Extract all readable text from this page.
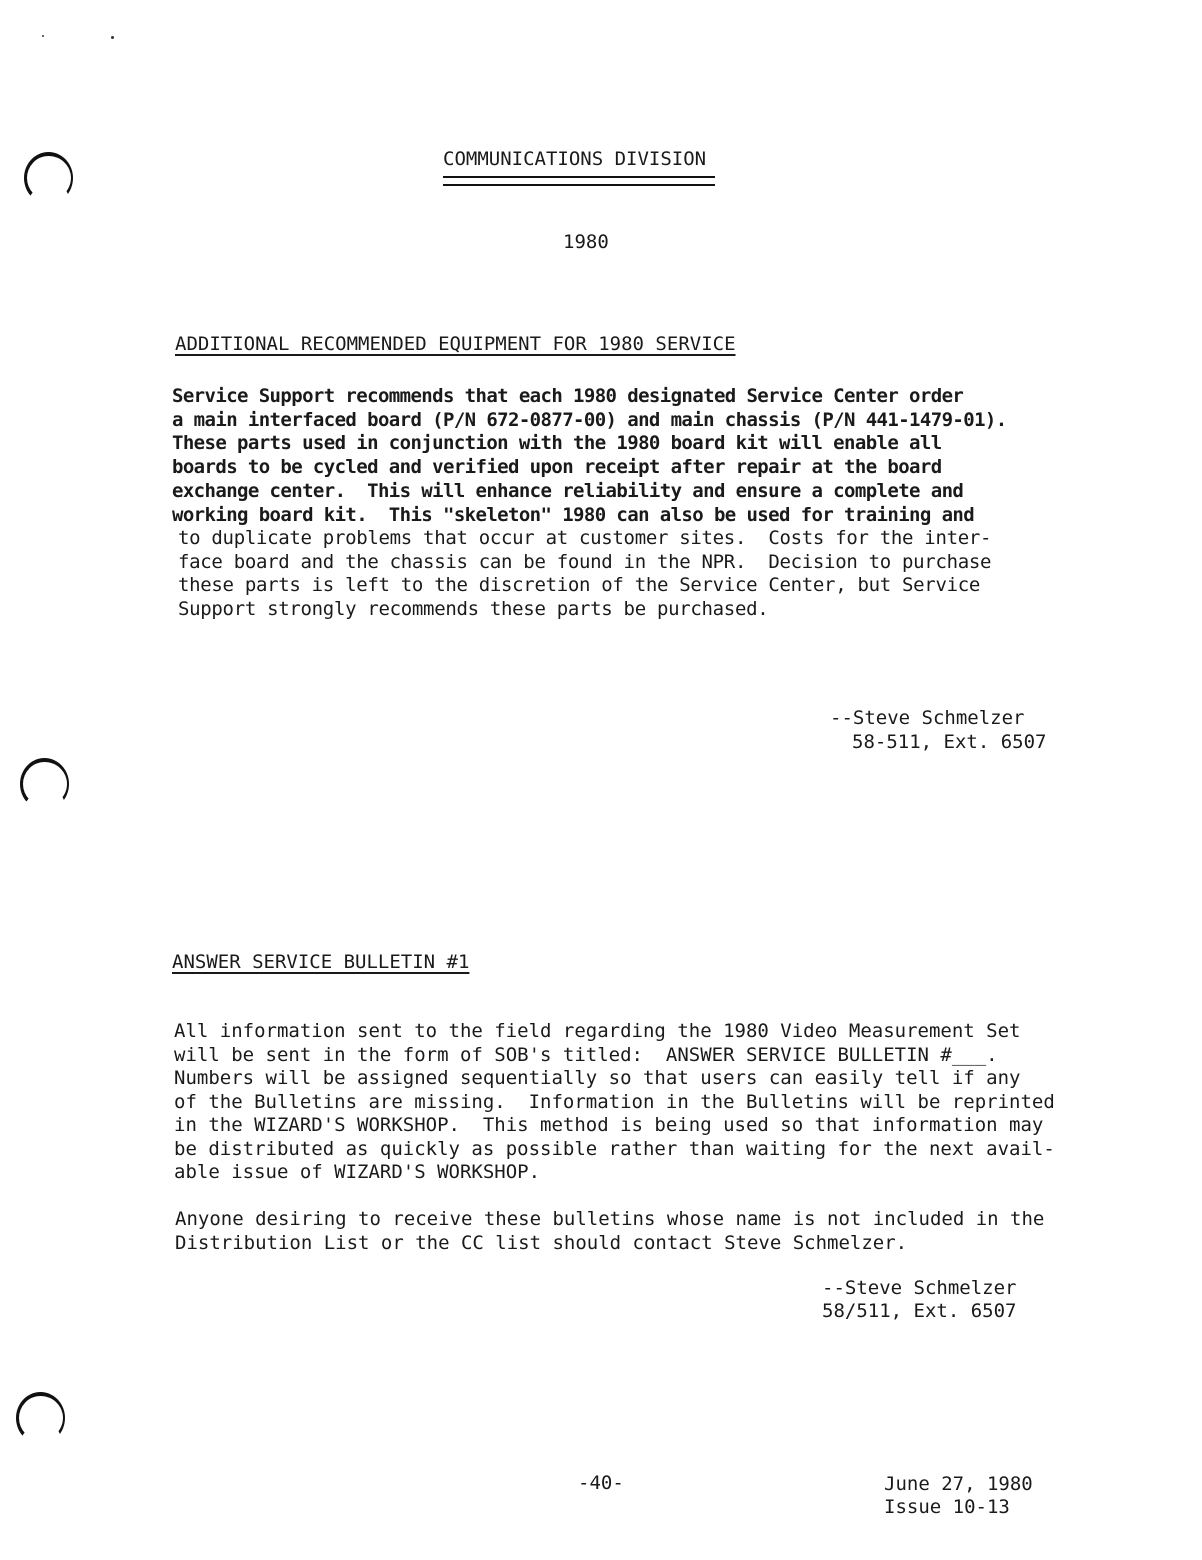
COMMUNICATIONS DIVISION
1980
ADDITIONAL RECOMMENDED EQUIPMENT FOR 1980 SERVICE
Service Support recommends that each 1980 designated Service Center order
a main interfaced board (P/N 672-0877-00) and main chassis (P/N 441-1479-01).
These parts used in conjunction with the 1980 board kit will enable all
boards to be cycled and verified upon receipt after repair at the board
exchange center.  This will enhance reliability and ensure a complete and
working board kit.  This "skeleton" 1980 can also be used for training and
to duplicate problems that occur at customer sites.  Costs for the inter-
face board and the chassis can be found in the NPR.  Decision to purchase
these parts is left to the discretion of the Service Center, but Service
Support strongly recommends these parts be purchased.
--Steve Schmelzer
58-511, Ext. 6507
ANSWER SERVICE BULLETIN #1
All information sent to the field regarding the 1980 Video Measurement Set
will be sent in the form of SOB's titled:  ANSWER SERVICE BULLETIN #___.
Numbers will be assigned sequentially so that users can easily tell if any
of the Bulletins are missing.  Information in the Bulletins will be reprinted
in the WIZARD'S WORKSHOP.  This method is being used so that information may
be distributed as quickly as possible rather than waiting for the next avail-
able issue of WIZARD'S WORKSHOP.
Anyone desiring to receive these bulletins whose name is not included in the
Distribution List or the CC list should contact Steve Schmelzer.
--Steve Schmelzer
58/511, Ext. 6507
-40-	June 27, 1980
Issue 10-13
